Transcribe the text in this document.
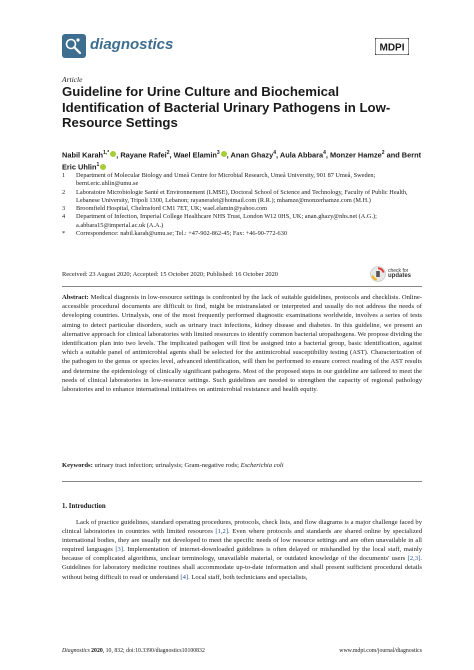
diagnostics	MDPI
Article
Guideline for Urine Culture and Biochemical Identification of Bacterial Urinary Pathogens in Low-Resource Settings
Nabil Karah$^{1,*}$ , Rayane Rafei$^2$, Wael Elamin$^3$ , Anan Ghazy$^4$, Aula Abbara$^4$, Monzer Hamze$^2$ and Bernt Eric Uhlin$^1$
1	Department of Molecular Biology and Umeå Centre for Microbial Research, Umeå University, 901 87 Umeå, Sweden; bernt.eric.uhlin@umu.se
2	Laboratoire Microbiologie Santé et Environnement (LMSE), Doctoral School of Science and Technology, Faculty of Public Health, Lebanese University, Tripoli 1300, Lebanon; rayanerafei@hotmail.com (R.R.); mhamze@monzerhamze.com (M.H.)
3	Broomfield Hospital, Chelmsford CM1 7ET, UK; wael.elamin@yahoo.com
4	Department of Infection, Imperial College Healthcare NHS Trust, London W12 0HS, UK; anan.ghazy@nhs.net (A.G.); a.abbara15@imperial.ac.uk (A.A.)
*	Correspondence: nabil.karah@umu.se; Tel.: +47-902-862-45; Fax: +46-90-772-630
Received: 23 August 2020; Accepted: 15 October 2020; Published: 16 October 2020
check for
updates

Abstract: Medical diagnosis in low-resource settings is confronted by the lack of suitable guidelines, protocols and checklists. Online-accessible procedural documents are difficult to find, might be mistranslated or interpreted and usually do not address the needs of developing countries. Urinalysis, one of the most frequently performed diagnostic examinations worldwide, involves a series of tests aiming to detect particular disorders, such as urinary tract infections, kidney disease and diabetes. In this guideline, we present an alternative approach for clinical laboratories with limited resources to identify common bacterial uropathogens. We propose dividing the identification plan into two levels. The implicated pathogen will first be assigned into a bacterial group, basic identification, against which a suitable panel of antimicrobial agents shall be selected for the antimicrobial susceptibility testing (AST). Characterization of the pathogen to the genus or species level, advanced identification, will then be performed to ensure correct reading of the AST results and determine the epidemiology of clinically significant pathogens. Most of the proposed steps in our guideline are tailored to meet the needs of clinical laboratories in low-resource settings. Such guidelines are needed to strengthen the capacity of regional pathology laboratories and to enhance international initiatives on antimicrobial resistance and health equity.

Keywords: urinary tract infection; urinalysis; Gram-negative rods; Escherichia coli

1. Introduction

Lack of practice guidelines, standard operating procedures, protocols, check lists, and flow diagrams is a major challenge faced by clinical laboratories in countries with limited resources [1,2]. Even where protocols and standards are shared online by specialized international bodies, they are usually not developed to meet the specific needs of low resource settings and are often unavailable in all required languages [3]. Implementation of internet-downloaded guidelines is often delayed or mishandled by the local staff, mainly because of complicated algorithms, unclear terminology, unavailable material, or outdated knowledge of the documents' users [2,3]. Guidelines for laboratory medicine routines shall accommodate up-to-date information and shall present sufficient procedural details without being difficult to read or understand [4]. Local staff, both technicians and specialists,

Diagnostics 2020, 10, 832; doi:10.3390/diagnostics10100832	www.mdpi.com/journal/diagnostics
